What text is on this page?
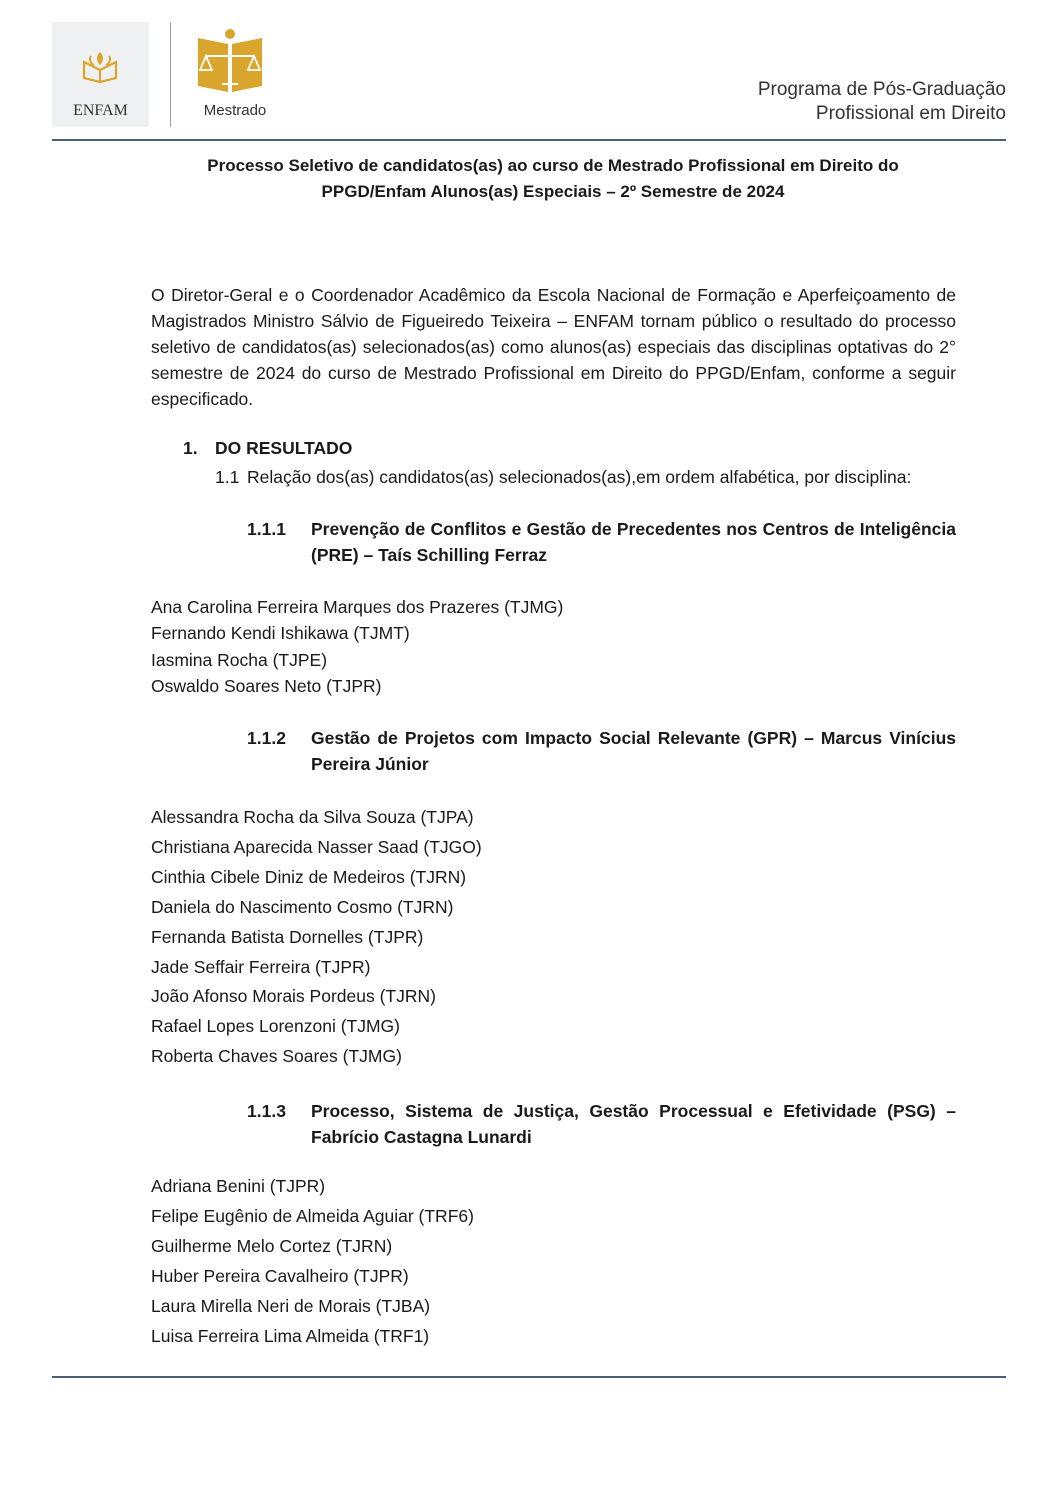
ENFAM	Mestrado
Programa de Pós-Graduação
Profissional em Direito
Processo Seletivo de candidatos(as) ao curso de Mestrado Profissional em Direito do
PPGD/Enfam Alunos(as) Especiais – 2º Semestre de 2024

O Diretor-Geral e o Coordenador Acadêmico da Escola Nacional de Formação e Aperfeiçoamento de Magistrados Ministro Sálvio de Figueiredo Teixeira – ENFAM tornam público o resultado do processo seletivo de candidatos(as) selecionados(as) como alunos(as) especiais das disciplinas optativas do 2° semestre de 2024 do curso de Mestrado Profissional em Direito do PPGD/Enfam, conforme a seguir especificado.

1. DO RESULTADO
1.1 Relação dos(as) candidatos(as) selecionados(as),em ordem alfabética, por disciplina:
1.1.1 Prevenção de Conflitos e Gestão de Precedentes nos Centros de Inteligência (PRE) – Taís Schilling Ferraz
Ana Carolina Ferreira Marques dos Prazeres (TJMG)
Fernando Kendi Ishikawa (TJMT)
Iasmina Rocha (TJPE)
Oswaldo Soares Neto (TJPR)
1.1.2 Gestão de Projetos com Impacto Social Relevante (GPR) – Marcus Vinícius Pereira Júnior
Alessandra Rocha da Silva Souza (TJPA)
Christiana Aparecida Nasser Saad (TJGO)
Cinthia Cibele Diniz de Medeiros (TJRN)
Daniela do Nascimento Cosmo (TJRN)
Fernanda Batista Dornelles (TJPR)
Jade Seffair Ferreira (TJPR)
João Afonso Morais Pordeus (TJRN)
Rafael Lopes Lorenzoni (TJMG)
Roberta Chaves Soares (TJMG)
1.1.3 Processo, Sistema de Justiça, Gestão Processual e Efetividade (PSG) – Fabrício Castagna Lunardi
Adriana Benini (TJPR)
Felipe Eugênio de Almeida Aguiar (TRF6)
Guilherme Melo Cortez (TJRN)
Huber Pereira Cavalheiro (TJPR)
Laura Mirella Neri de Morais (TJBA)
Luisa Ferreira Lima Almeida (TRF1)
